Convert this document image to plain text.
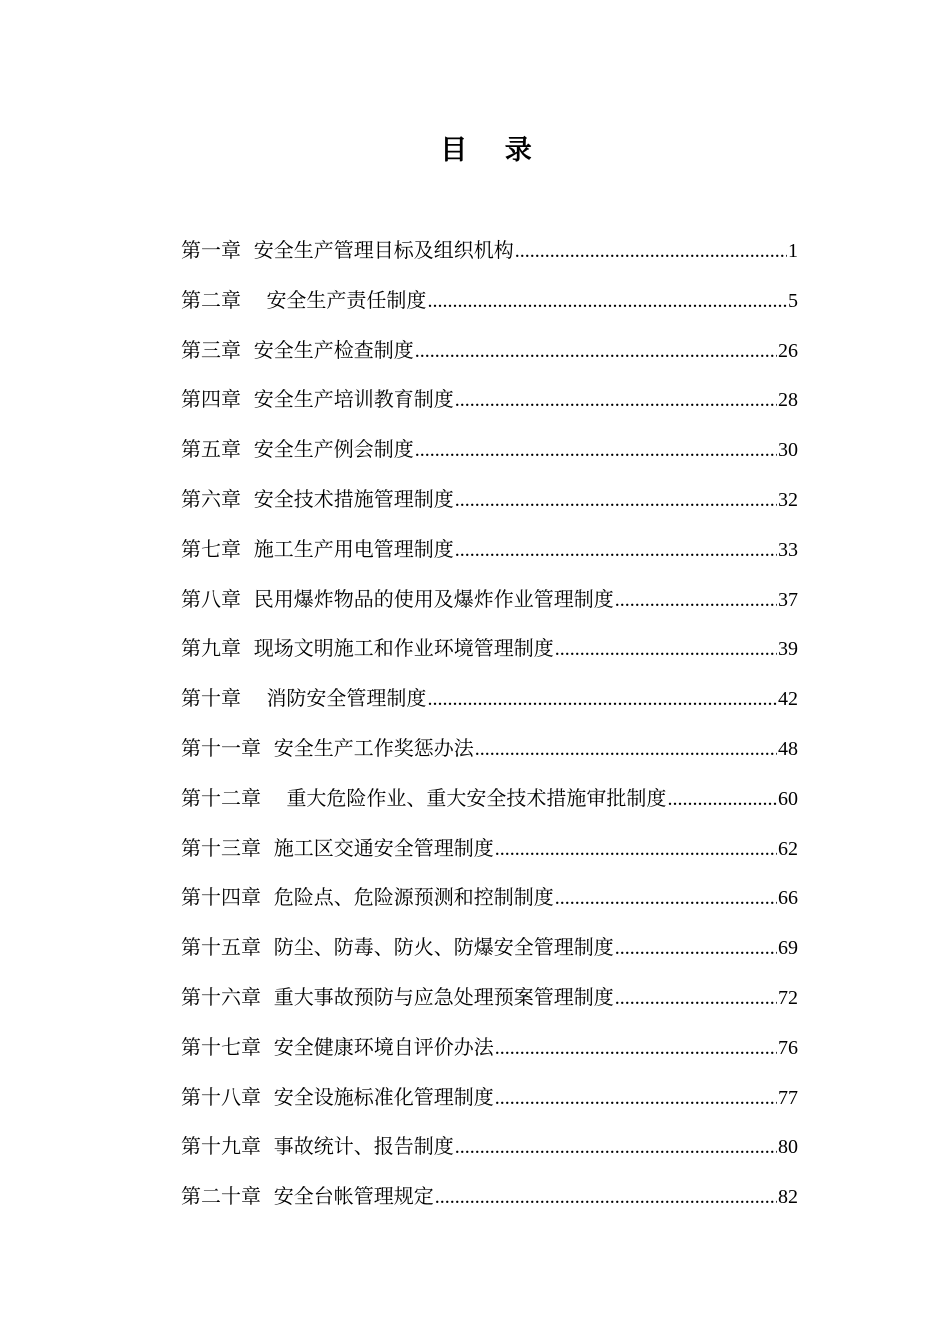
目 录
第一章 安全生产管理目标及组织机构 .....	1
第二章	安全生产责任制度 .....	5
第三章 安全生产检查制度 .....	26
第四章 安全生产培训教育制度 .....	28
第五章 安全生产例会制度 .....	30
第六章 安全技术措施管理制度 .....	32
第七章 施工生产用电管理制度 .....	33
第八章 民用爆炸物品的使用及爆炸作业管理制度 .....	37
第九章 现场文明施工和作业环境管理制度 .....	39
第十章	消防安全管理制度 .....	42
第十一章 安全生产工作奖惩办法 .....	48
第十二章	重大危险作业、重大安全技术措施审批制度 .....	60
第十三章 施工区交通安全管理制度 .....	62
第十四章 危险点、危险源预测和控制制度 .....	66
第十五章 防尘、防毒、防火、防爆安全管理制度 .....	69
第十六章 重大事故预防与应急处理预案管理制度 .....	72
第十七章 安全健康环境自评价办法 .....	76
第十八章 安全设施标准化管理制度 .....	77
第十九章 事故统计、报告制度 .....	80
第二十章 安全台帐管理规定 .....	82
